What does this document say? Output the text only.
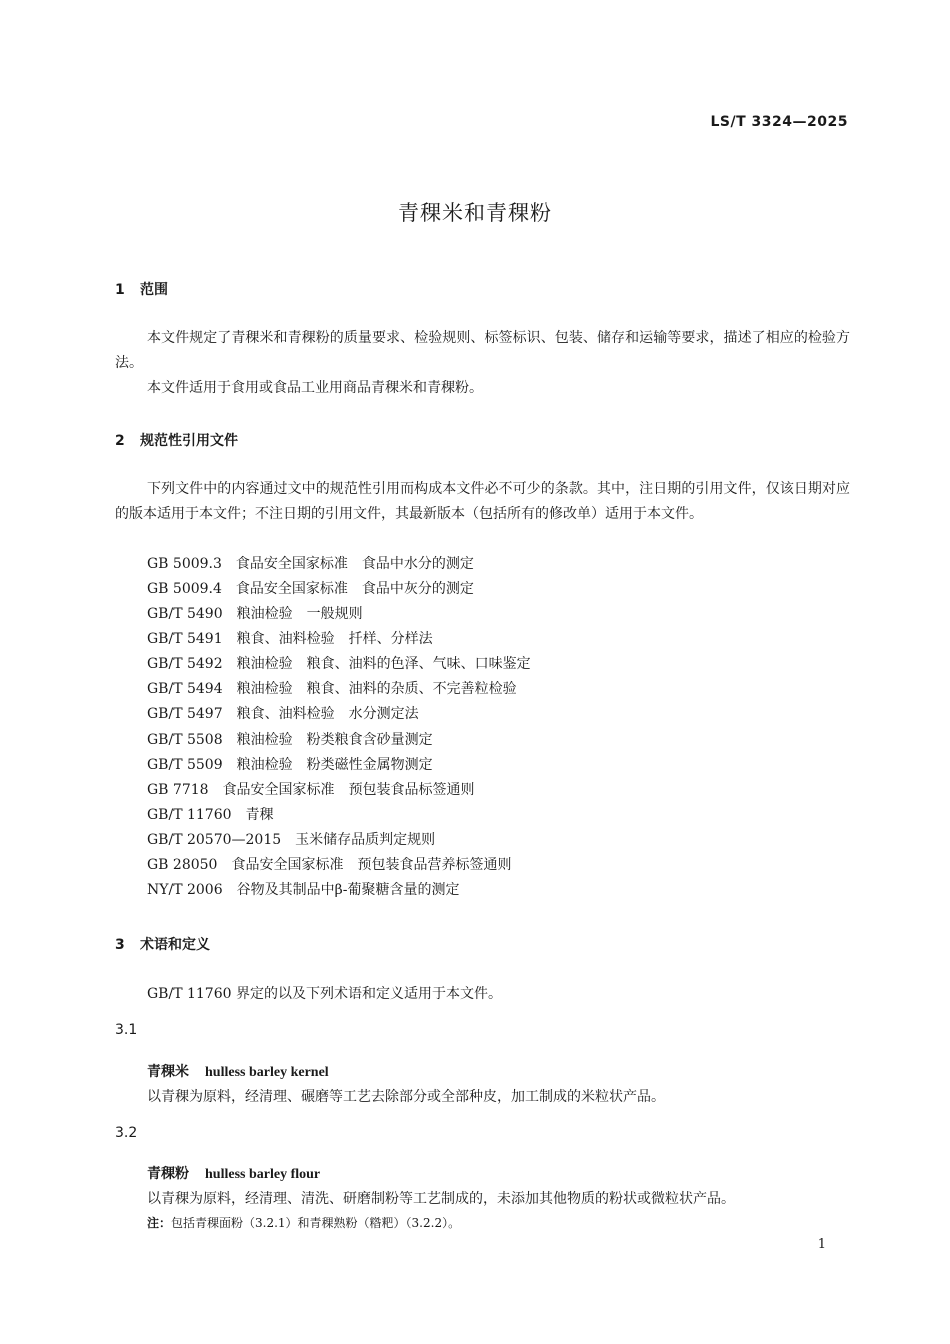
LS/T 3324—2025
青稞米和青稞粉
1 范围
本文件规定了青稞米和青稞粉的质量要求、检验规则、标签标识、包装、储存和运输等要求，描述了相应的检验方法。
本文件适用于食用或食品工业用商品青稞米和青稞粉。
2 规范性引用文件
下列文件中的内容通过文中的规范性引用而构成本文件必不可少的条款。其中，注日期的引用文件，仅该日期对应的版本适用于本文件；不注日期的引用文件，其最新版本（包括所有的修改单）适用于本文件。
GB 5009.3 食品安全国家标准 食品中水分的测定
GB 5009.4 食品安全国家标准 食品中灰分的测定
GB/T 5490 粮油检验 一般规则
GB/T 5491 粮食、油料检验 扦样、分样法
GB/T 5492 粮油检验 粮食、油料的色泽、气味、口味鉴定
GB/T 5494 粮油检验 粮食、油料的杂质、不完善粒检验
GB/T 5497 粮食、油料检验 水分测定法
GB/T 5508 粮油检验 粉类粮食含砂量测定
GB/T 5509 粮油检验 粉类磁性金属物测定
GB 7718 食品安全国家标准 预包装食品标签通则
GB/T 11760 青稞
GB/T 20570—2015 玉米储存品质判定规则
GB 28050 食品安全国家标准 预包装食品营养标签通则
NY/T 2006 谷物及其制品中β-葡聚糖含量的测定
3 术语和定义
GB/T 11760 界定的以及下列术语和定义适用于本文件。
3.1
青稞米 hulless barley kernel
以青稞为原料，经清理、碾磨等工艺去除部分或全部种皮，加工制成的米粒状产品。
3.2
青稞粉 hulless barley flour
以青稞为原料，经清理、清洗、研磨制粉等工艺制成的，未添加其他物质的粉状或微粒状产品。
注：包括青稞面粉（3.2.1）和青稞熟粉（糌粑）（3.2.2）。
1
